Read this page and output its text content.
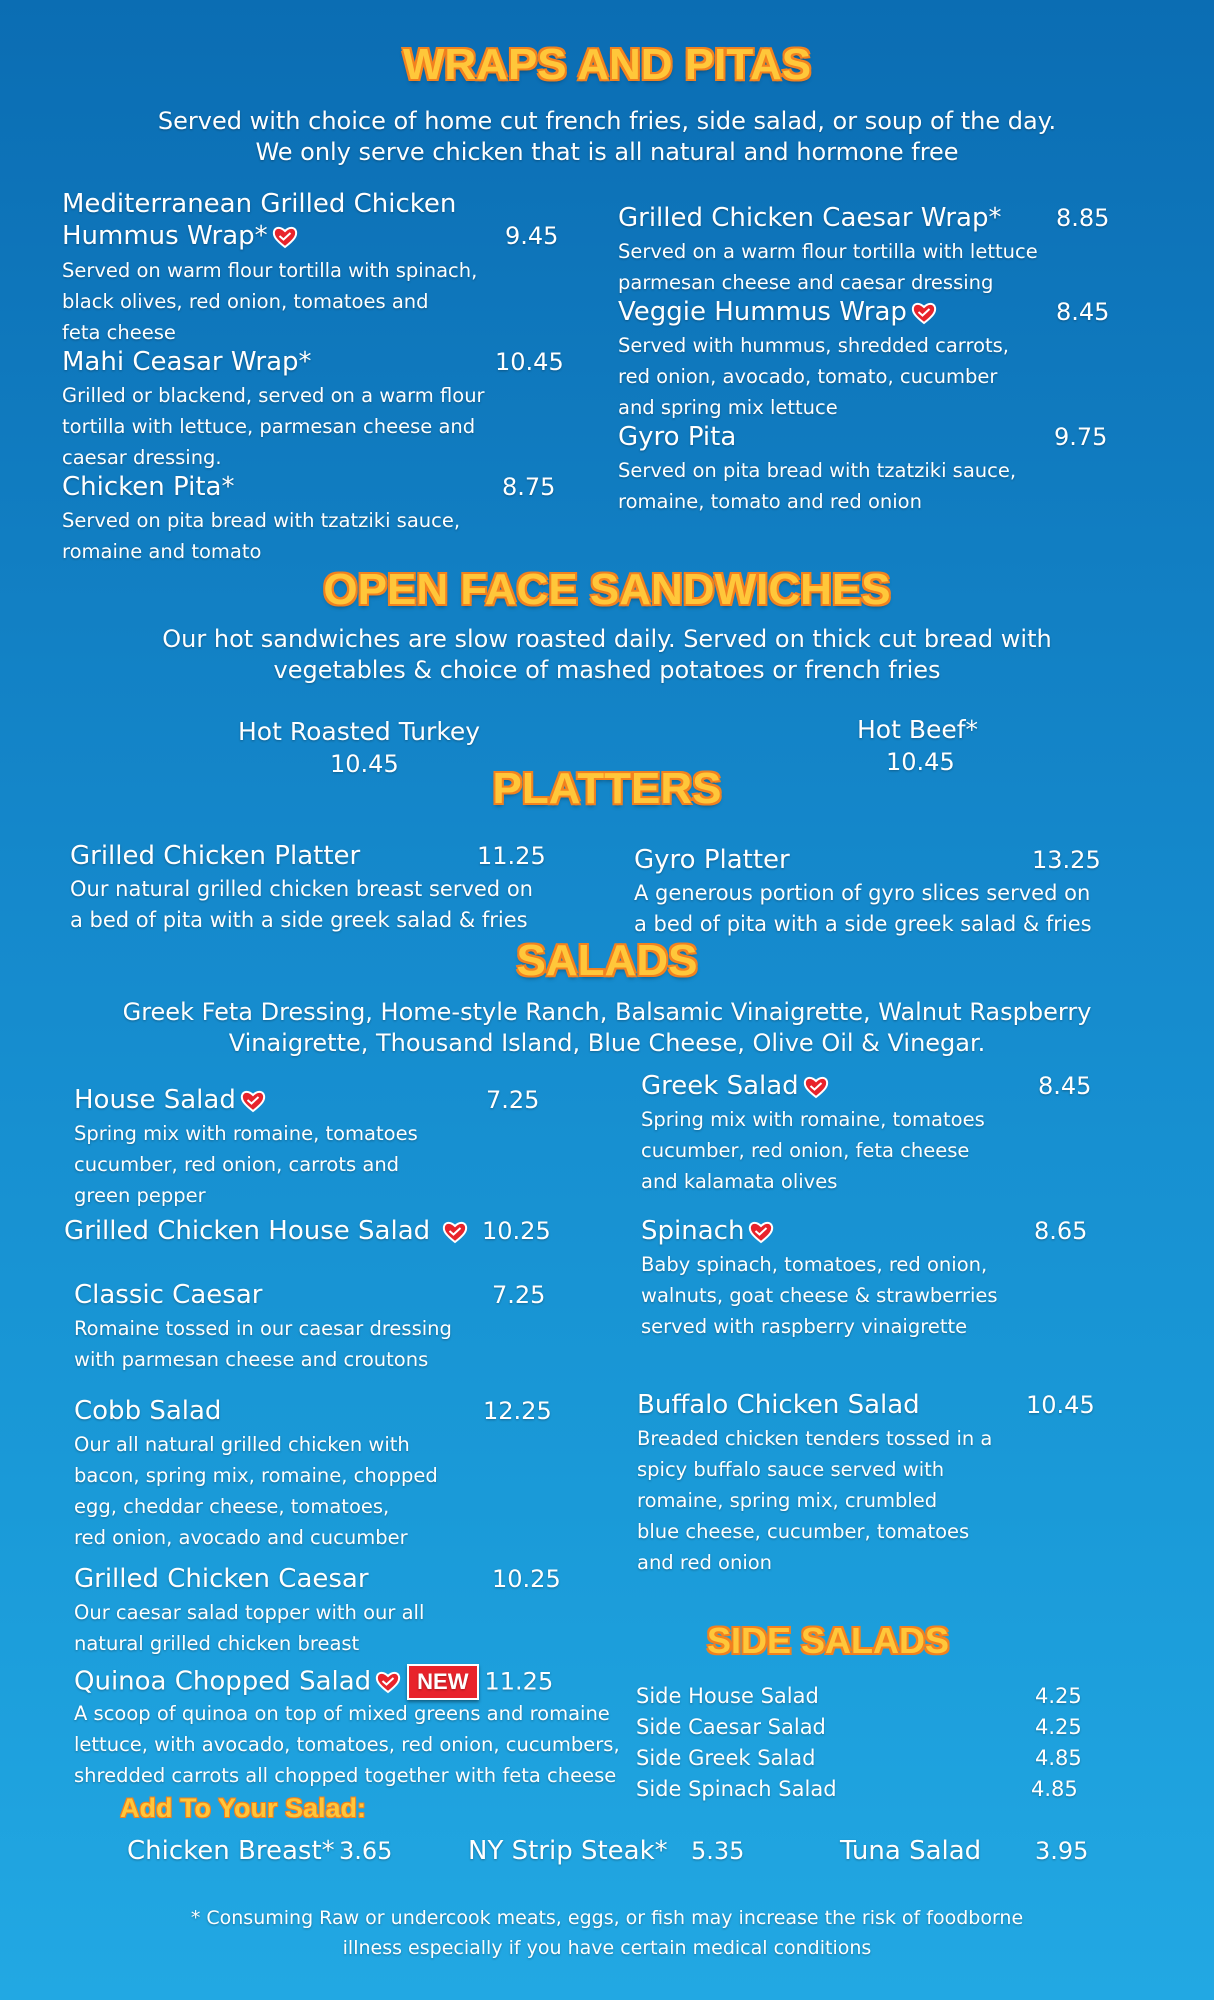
WRAPS AND PITAS
Served with choice of home cut french fries, side salad, or soup of the day.
We only serve chicken that is all natural and hormone free
Mediterranean Grilled Chicken
Hummus Wrap*	9.45
Served on warm flour tortilla with spinach,
black olives, red onion, tomatoes and
feta cheese
Mahi Ceasar Wrap*	10.45
Grilled or blackend, served on a warm flour
tortilla with lettuce, parmesan cheese and
caesar dressing.
Chicken Pita*	8.75
Served on pita bread with tzatziki sauce,
romaine and tomato
Grilled Chicken Caesar Wrap* 8.85
Served on a warm flour tortilla with lettuce
parmesan cheese and caesar dressing
Veggie Hummus Wrap	8.45
Served with hummus, shredded carrots,
red onion, avocado, tomato, cucumber
and spring mix lettuce
Gyro Pita	9.75
Served on pita bread with tzatziki sauce,
romaine, tomato and red onion
OPEN FACE SANDWICHES
Our hot sandwiches are slow roasted daily. Served on thick cut bread with
vegetables & choice of mashed potatoes or french fries
Hot Roasted Turkey
10.45
Hot Beef*
10.45
PLATTERS
Grilled Chicken Platter	11.25
Our natural grilled chicken breast served on
a bed of pita with a side greek salad & fries
Gyro Platter	13.25
A generous portion of gyro slices served on
a bed of pita with a side greek salad & fries
SALADS
Greek Feta Dressing, Home-style Ranch, Balsamic Vinaigrette, Walnut Raspberry
Vinaigrette, Thousand Island, Blue Cheese, Olive Oil & Vinegar.
House Salad	7.25
Spring mix with romaine, tomatoes
cucumber, red onion, carrots and
green pepper
Grilled Chicken House Salad	10.25
Classic Caesar	7.25
Romaine tossed in our caesar dressing
with parmesan cheese and croutons
Cobb Salad	12.25
Our all natural grilled chicken with
bacon, spring mix, romaine, chopped
egg, cheddar cheese, tomatoes,
red onion, avocado and cucumber
Grilled Chicken Caesar	10.25
Our caesar salad topper with our all
natural grilled chicken breast
Quinoa Chopped Salad NEW 11.25
A scoop of quinoa on top of mixed greens and romaine
lettuce, with avocado, tomatoes, red onion, cucumbers,
shredded carrots all chopped together with feta cheese
Greek Salad	8.45
Spring mix with romaine, tomatoes
cucumber, red onion, feta cheese
and kalamata olives
Spinach	8.65
Baby spinach, tomatoes, red onion,
walnuts, goat cheese & strawberries
served with raspberry vinaigrette
Buffalo Chicken Salad	10.45
Breaded chicken tenders tossed in a
spicy buffalo sauce served with
romaine, spring mix, crumbled
blue cheese, cucumber, tomatoes
and red onion
SIDE SALADS
Side House Salad	4.25
Side Caesar Salad	4.25
Side Greek Salad	4.85
Side Spinach Salad	4.85
Add To Your Salad:
Chicken Breast* 3.65	NY Strip Steak* 5.35	Tuna Salad 3.95
* Consuming Raw or undercook meats, eggs, or fish may increase the risk of foodborne
illness especially if you have certain medical conditions
